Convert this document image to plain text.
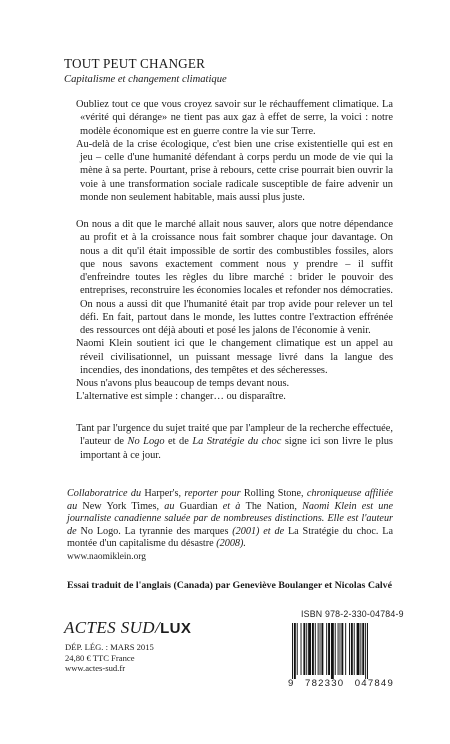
TOUT PEUT CHANGER
Capitalisme et changement climatique

Oubliez tout ce que vous croyez savoir sur le réchauffement climatique. La «vérité qui dérange» ne tient pas aux gaz à effet de serre, la voici : notre modèle économique est en guerre contre la vie sur Terre.

Au-delà de la crise écologique, c'est bien une crise existentielle qui est en jeu – celle d'une humanité défendant à corps perdu un mode de vie qui la mène à sa perte. Pourtant, prise à rebours, cette crise pourrait bien ouvrir la voie à une transformation sociale radicale susceptible de faire advenir un monde non seulement habitable, mais aussi plus juste.

On nous a dit que le marché allait nous sauver, alors que notre dépendance au profit et à la croissance nous fait sombrer chaque jour davantage. On nous a dit qu'il était impossible de sortir des combustibles fossiles, alors que nous savons exactement comment nous y prendre – il suffit d'enfreindre toutes les règles du libre marché : brider le pouvoir des entreprises, reconstruire les économies locales et refonder nos démocraties. On nous a aussi dit que l'humanité était par trop avide pour relever un tel défi. En fait, partout dans le monde, les luttes contre l'extraction effrénée des ressources ont déjà abouti et posé les jalons de l'économie à venir.

Naomi Klein soutient ici que le changement climatique est un appel au réveil civilisationnel, un puissant message livré dans la langue des incendies, des inondations, des tempêtes et des sécheresses.

Nous n'avons plus beaucoup de temps devant nous.

L'alternative est simple : changer… ou disparaître.

Tant par l'urgence du sujet traité que par l'ampleur de la recherche effectuée, l'auteur de No Logo et de La Stratégie du choc signe ici son livre le plus important à ce jour.

Collaboratrice du Harper's, reporter pour Rolling Stone, chroniqueuse affiliée au New York Times, au Guardian et à The Nation, Naomi Klein est une journaliste canadienne saluée par de nombreuses distinctions. Elle est l'auteur de No Logo. La tyrannie des marques (2001) et de La Stratégie du choc. La montée d'un capitalisme du désastre (2008).
www.naomiklein.org
Essai traduit de l'anglais (Canada) par Geneviève Boulanger et Nicolas Calvé
ACTES SUD/LUX
DÉP. LÉG. : MARS 2015
24,80 € TTC France
www.actes-sud.fr
ISBN 978-2-330-04784-9
9 782330 047849
